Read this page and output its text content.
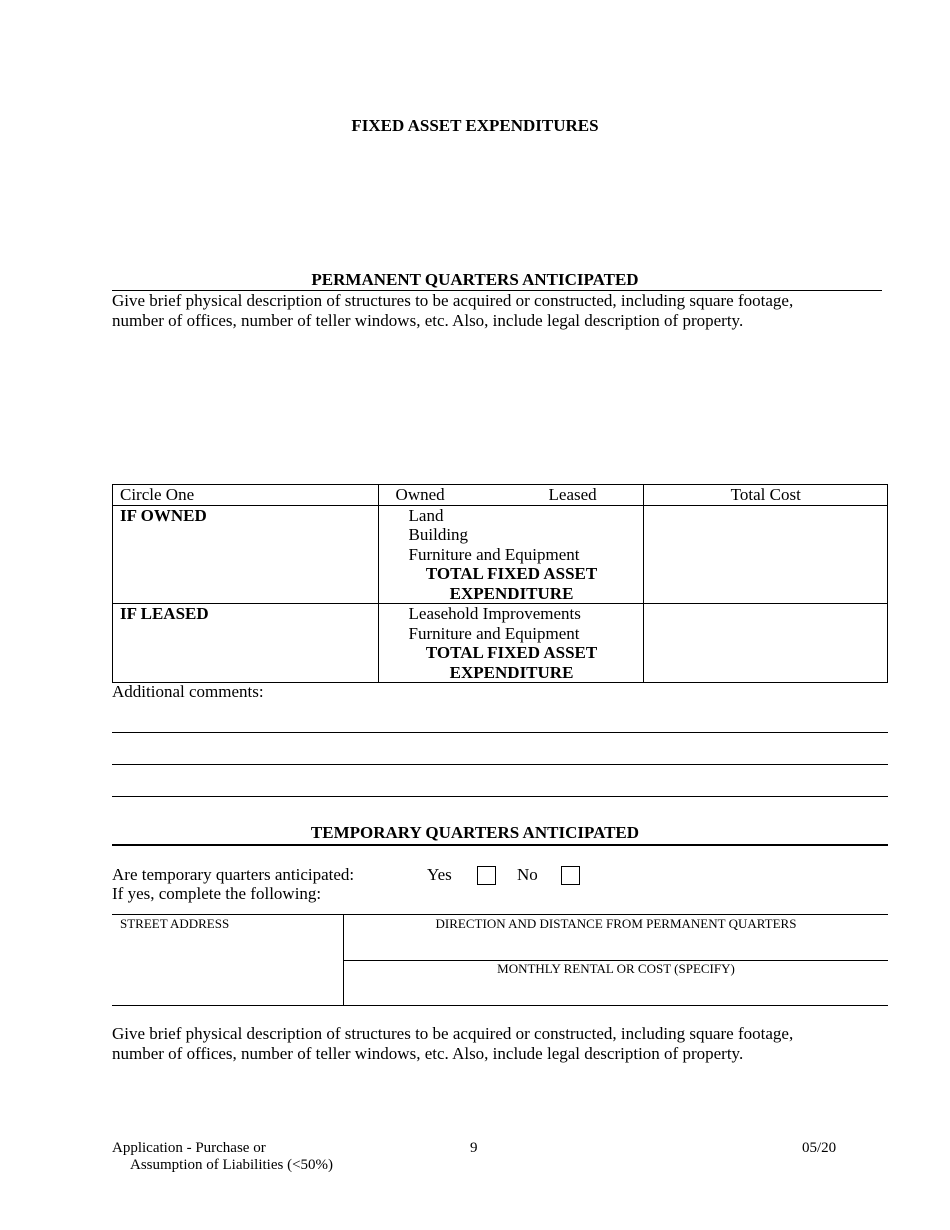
FIXED ASSET EXPENDITURES
PERMANENT QUARTERS ANTICIPATED
Give brief physical description of structures to be acquired or constructed, including square footage,
number of offices, number of teller windows, etc. Also, include legal description of property.
Circle One	Owned Leased	Total Cost
IF OWNED	Land
Building
Furniture and Equipment
TOTAL FIXED ASSET
EXPENDITURE	

IF LEASED	Leasehold Improvements
Furniture and Equipment
TOTAL FIXED ASSET
EXPENDITURE	

Additional comments:
TEMPORARY QUARTERS ANTICIPATED
Are temporary quarters anticipated:	Yes	No
If yes, complete the following:
STREET ADDRESS	DIRECTION AND DISTANCE FROM PERMANENT QUARTERS
MONTHLY RENTAL OR COST (SPECIFY)
Give brief physical description of structures to be acquired or constructed, including square footage,
number of offices, number of teller windows, etc. Also, include legal description of property.
Application - Purchase or
Assumption of Liabilities (<50%)
9	05/20
